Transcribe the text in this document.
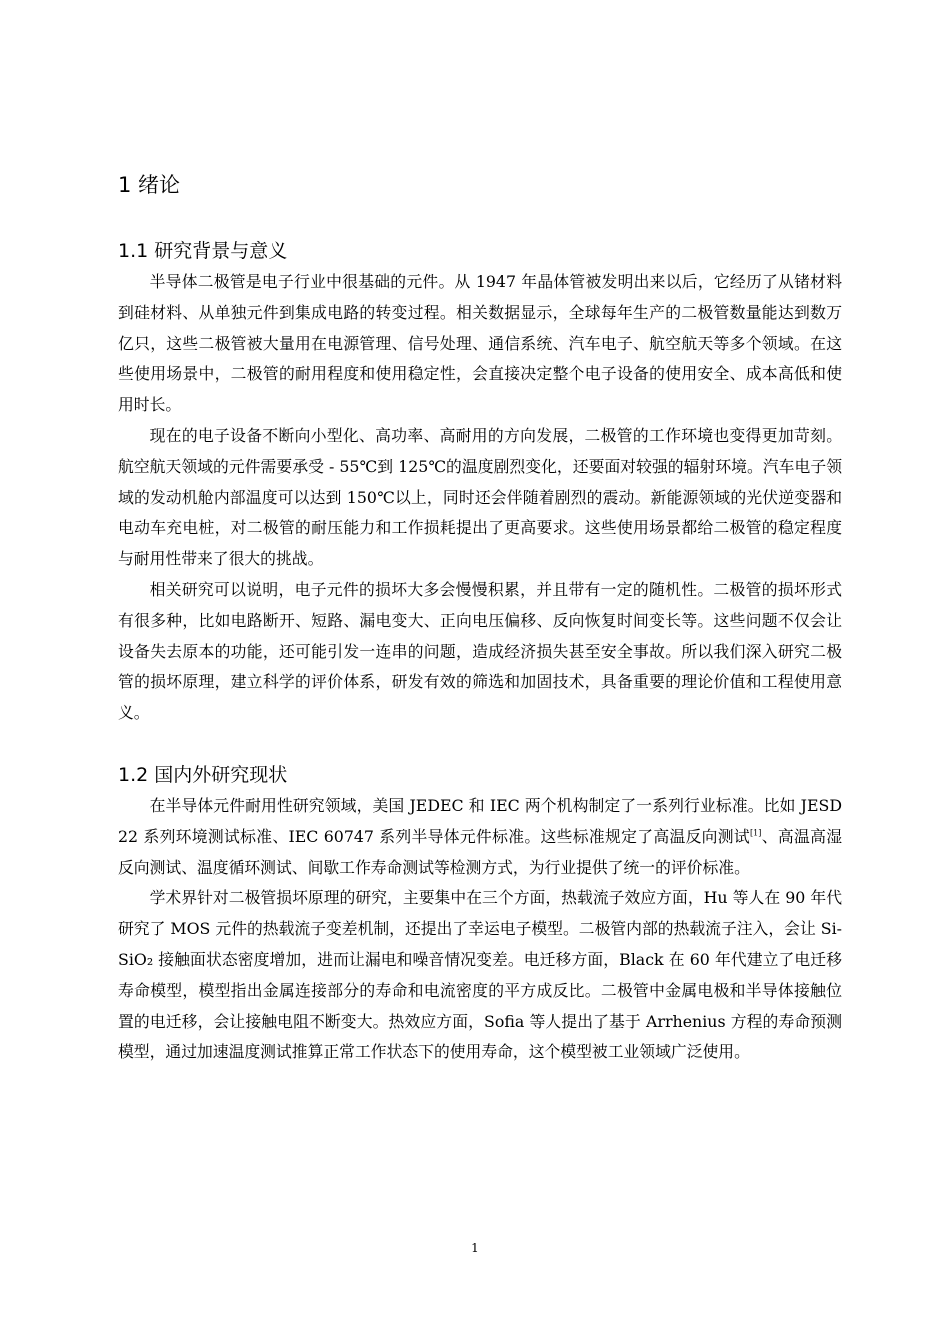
1 绪论
1.1 研究背景与意义

半导体二极管是电子行业中很基础的元件。从 1947 年晶体管被发明出来以后，它经历了从锗材料到硅材料、从单独元件到集成电路的转变过程。相关数据显示，全球每年生产的二极管数量能达到数万亿只，这些二极管被大量用在电源管理、信号处理、通信系统、汽车电子、航空航天等多个领域。在这些使用场景中，二极管的耐用程度和使用稳定性，会直接决定整个电子设备的使用安全、成本高低和使用时长。

现在的电子设备不断向小型化、高功率、高耐用的方向发展，二极管的工作环境也变得更加苛刻。航空航天领域的元件需要承受 - 55℃到 125℃的温度剧烈变化，还要面对较强的辐射环境。汽车电子领域的发动机舱内部温度可以达到 150℃以上，同时还会伴随着剧烈的震动。新能源领域的光伏逆变器和电动车充电桩，对二极管的耐压能力和工作损耗提出了更高要求。这些使用场景都给二极管的稳定程度与耐用性带来了很大的挑战。

相关研究可以说明，电子元件的损坏大多会慢慢积累，并且带有一定的随机性。二极管的损坏形式有很多种，比如电路断开、短路、漏电变大、正向电压偏移、反向恢复时间变长等。这些问题不仅会让设备失去原本的功能，还可能引发一连串的问题，造成经济损失甚至安全事故。所以我们深入研究二极管的损坏原理，建立科学的评价体系，研发有效的筛选和加固技术，具备重要的理论价值和工程使用意义。

1.2 国内外研究现状

在半导体元件耐用性研究领域，美国 JEDEC 和 IEC 两个机构制定了一系列行业标准。比如 JESD22 系列环境测试标准、IEC 60747 系列半导体元件标准。这些标准规定了高温反向测试[1]、高温高湿反向测试、温度循环测试、间歇工作寿命测试等检测方式，为行业提供了统一的评价标准。

学术界针对二极管损坏原理的研究，主要集中在三个方面，热载流子效应方面，Hu 等人在 90 年代研究了 MOS 元件的热载流子变差机制，还提出了幸运电子模型。二极管内部的热载流子注入，会让 Si-SiO₂ 接触面状态密度增加，进而让漏电和噪音情况变差。电迁移方面，Black 在 60 年代建立了电迁移寿命模型，模型指出金属连接部分的寿命和电流密度的平方成反比。二极管中金属电极和半导体接触位置的电迁移，会让接触电阻不断变大。热效应方面，Sofia 等人提出了基于 Arrhenius 方程的寿命预测模型，通过加速温度测试推算正常工作状态下的使用寿命，这个模型被工业领域广泛使用。

1
